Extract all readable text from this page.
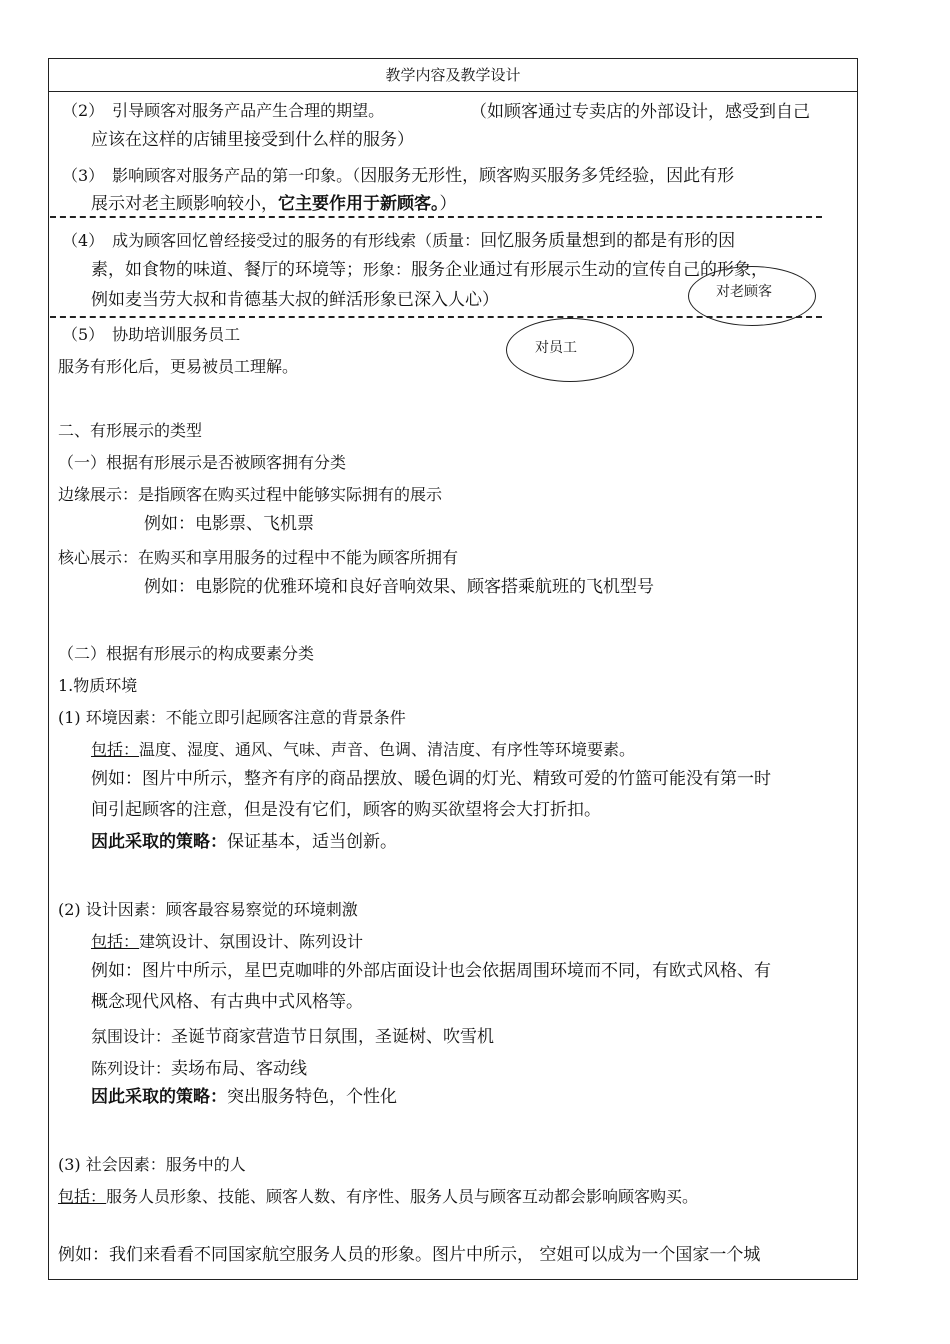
教学内容及教学设计
（2）　引导顾客对服务产品产生合理的期望。	（如顾客通过专卖店的外部设计，感受到自己
应该在这样的店铺里接受到什么样的服务）
（3）　影响顾客对服务产品的第一印象。（因服务无形性，顾客购买服务多凭经验，因此有形
展示对老主顾影响较小，它主要作用于新顾客。）
（4）　成为顾客回忆曾经接受过的服务的有形线索（质量：回忆服务质量想到的都是有形的因
素，如食物的味道、餐厅的环境等；形象：服务企业通过有形展示生动的宣传自己的形象，
例如麦当劳大叔和肯德基大叔的鲜活形象已深入人心）	对老顾客
（5）　协助培训服务员工
服务有形化后，更易被员工理解。
对员工
二、有形展示的类型
（一）根据有形展示是否被顾客拥有分类
边缘展示：是指顾客在购买过程中能够实际拥有的展示
例如：电影票、飞机票
核心展示：在购买和享用服务的过程中不能为顾客所拥有
例如：电影院的优雅环境和良好音响效果、顾客搭乘航班的飞机型号
（二）根据有形展示的构成要素分类
1.物质环境
(1) 环境因素：不能立即引起顾客注意的背景条件
包括：温度、湿度、通风、气味、声音、色调、清洁度、有序性等环境要素。
例如：图片中所示，整齐有序的商品摆放、暖色调的灯光、精致可爱的竹篮可能没有第一时
间引起顾客的注意，但是没有它们，顾客的购买欲望将会大打折扣。
因此采取的策略：保证基本，适当创新。
(2) 设计因素：顾客最容易察觉的环境刺激
包括：建筑设计、氛围设计、陈列设计
例如：图片中所示，星巴克咖啡的外部店面设计也会依据周围环境而不同，有欧式风格、有
概念现代风格、有古典中式风格等。
氛围设计：圣诞节商家营造节日氛围，圣诞树、吹雪机
陈列设计：卖场布局、客动线
因此采取的策略：突出服务特色，个性化
(3) 社会因素：服务中的人
包括：服务人员形象、技能、顾客人数、有序性、服务人员与顾客互动都会影响顾客购买。
例如：我们来看看不同国家航空服务人员的形象。图片中所示， 空姐可以成为一个国家一个城
